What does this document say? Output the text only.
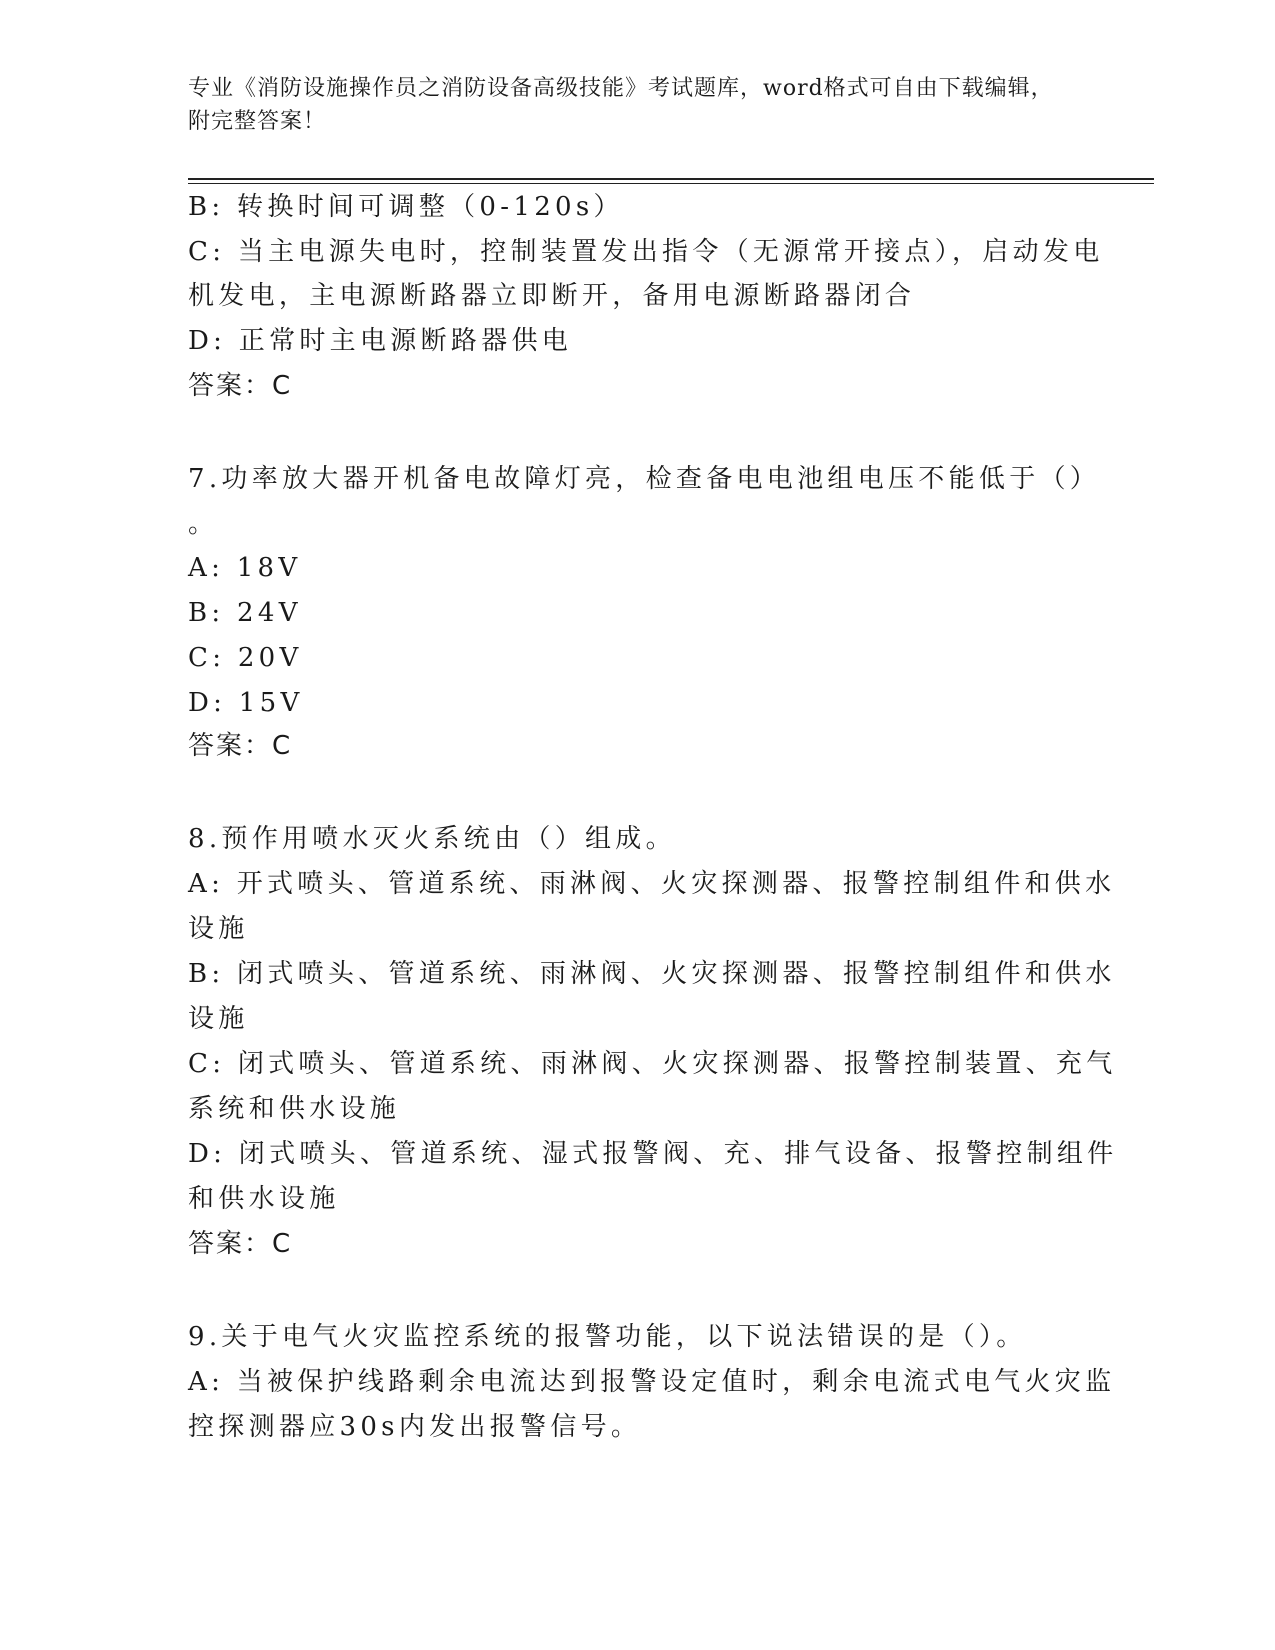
专业《消防设施操作员之消防设备高级技能》考试题库，word格式可自由下载编辑，附完整答案！
B: 转换时间可调整（0-120s）
C: 当主电源失电时，控制装置发出指令（无源常开接点），启动发电
机发电，主电源断路器立即断开，备用电源断路器闭合
D: 正常时主电源断路器供电
答案：C
7.功率放大器开机备电故障灯亮，检查备电电池组电压不能低于（）
。
A: 18V
B: 24V
C: 20V
D: 15V
答案：C
8.预作用喷水灭火系统由（）组成。
A: 开式喷头、管道系统、雨淋阀、火灾探测器、报警控制组件和供水
设施
B: 闭式喷头、管道系统、雨淋阀、火灾探测器、报警控制组件和供水
设施
C: 闭式喷头、管道系统、雨淋阀、火灾探测器、报警控制装置、充气
系统和供水设施
D: 闭式喷头、管道系统、湿式报警阀、充、排气设备、报警控制组件
和供水设施
答案：C
9.关于电气火灾监控系统的报警功能，以下说法错误的是（）。
A: 当被保护线路剩余电流达到报警设定值时，剩余电流式电气火灾监
控探测器应30s内发出报警信号。
